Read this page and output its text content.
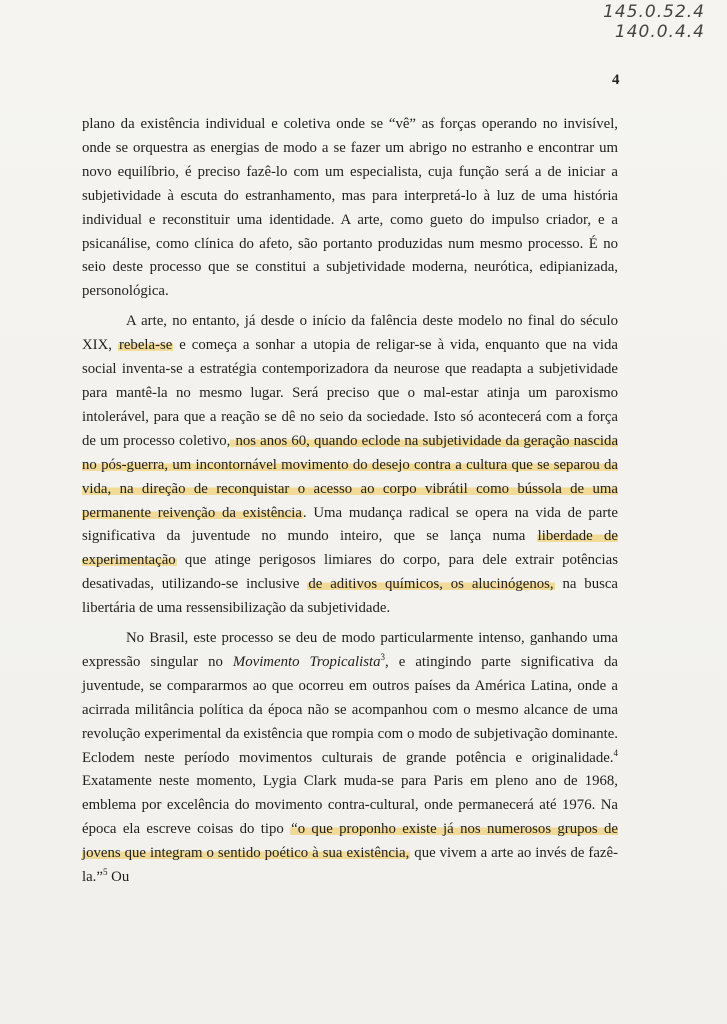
145.0.52.4
140.0.4.4
4

plano da existência individual e coletiva onde se “vê” as forças operando no invisível, onde se orquestra as energias de modo a se fazer um abrigo no estranho e encontrar um novo equilíbrio, é preciso fazê-lo com um especialista, cuja função será a de iniciar a subjetividade à escuta do estranhamento, mas para interpretá-lo à luz de uma história individual e reconstituir uma identidade. A arte, como gueto do impulso criador, e a psicanálise, como clínica do afeto, são portanto produzidas num mesmo processo. É no seio deste processo que se constitui a subjetividade moderna, neurótica, edipianizada, personológica.

A arte, no entanto, já desde o início da falência deste modelo no final do século XIX, rebela-se e começa a sonhar a utopia de religar-se à vida, enquanto que na vida social inventa-se a estratégia contemporizadora da neurose que readapta a subjetividade para mantê-la no mesmo lugar. Será preciso que o mal-estar atinja um paroxismo intolerável, para que a reação se dê no seio da sociedade. Isto só acontecerá com a força de um processo coletivo, nos anos 60, quando eclode na subjetividade da geração nascida no pós-guerra, um incontornável movimento do desejo contra a cultura que se separou da vida, na direção de reconquistar o acesso ao corpo vibrátil como bússola de uma permanente reivenção da existência. Uma mudança radical se opera na vida de parte significativa da juventude no mundo inteiro, que se lança numa liberdade de experimentação que atinge perigosos limiares do corpo, para dele extrair potências desativadas, utilizando-se inclusive de aditivos químicos, os alucinógenos, na busca libertária de uma ressensibilização da subjetividade.

No Brasil, este processo se deu de modo particularmente intenso, ganhando uma expressão singular no Movimento Tropicalista$^3$, e atingindo parte significativa da juventude, se compararmos ao que ocorreu em outros países da América Latina, onde a acirrada militância política da época não se acompanhou com o mesmo alcance de uma revolução experimental da existência que rompia com o modo de subjetivação dominante. Eclodem neste período movimentos culturais de grande potência e originalidade.$^4$ Exatamente neste momento, Lygia Clark muda-se para Paris em pleno ano de 1968, emblema por excelência do movimento contra-cultural, onde permanecerá até 1976. Na época ela escreve coisas do tipo “o que proponho existe já nos numerosos grupos de jovens que integram o sentido poético à sua existência, que vivem a arte ao invés de fazê-la.”$^5$ Ou
